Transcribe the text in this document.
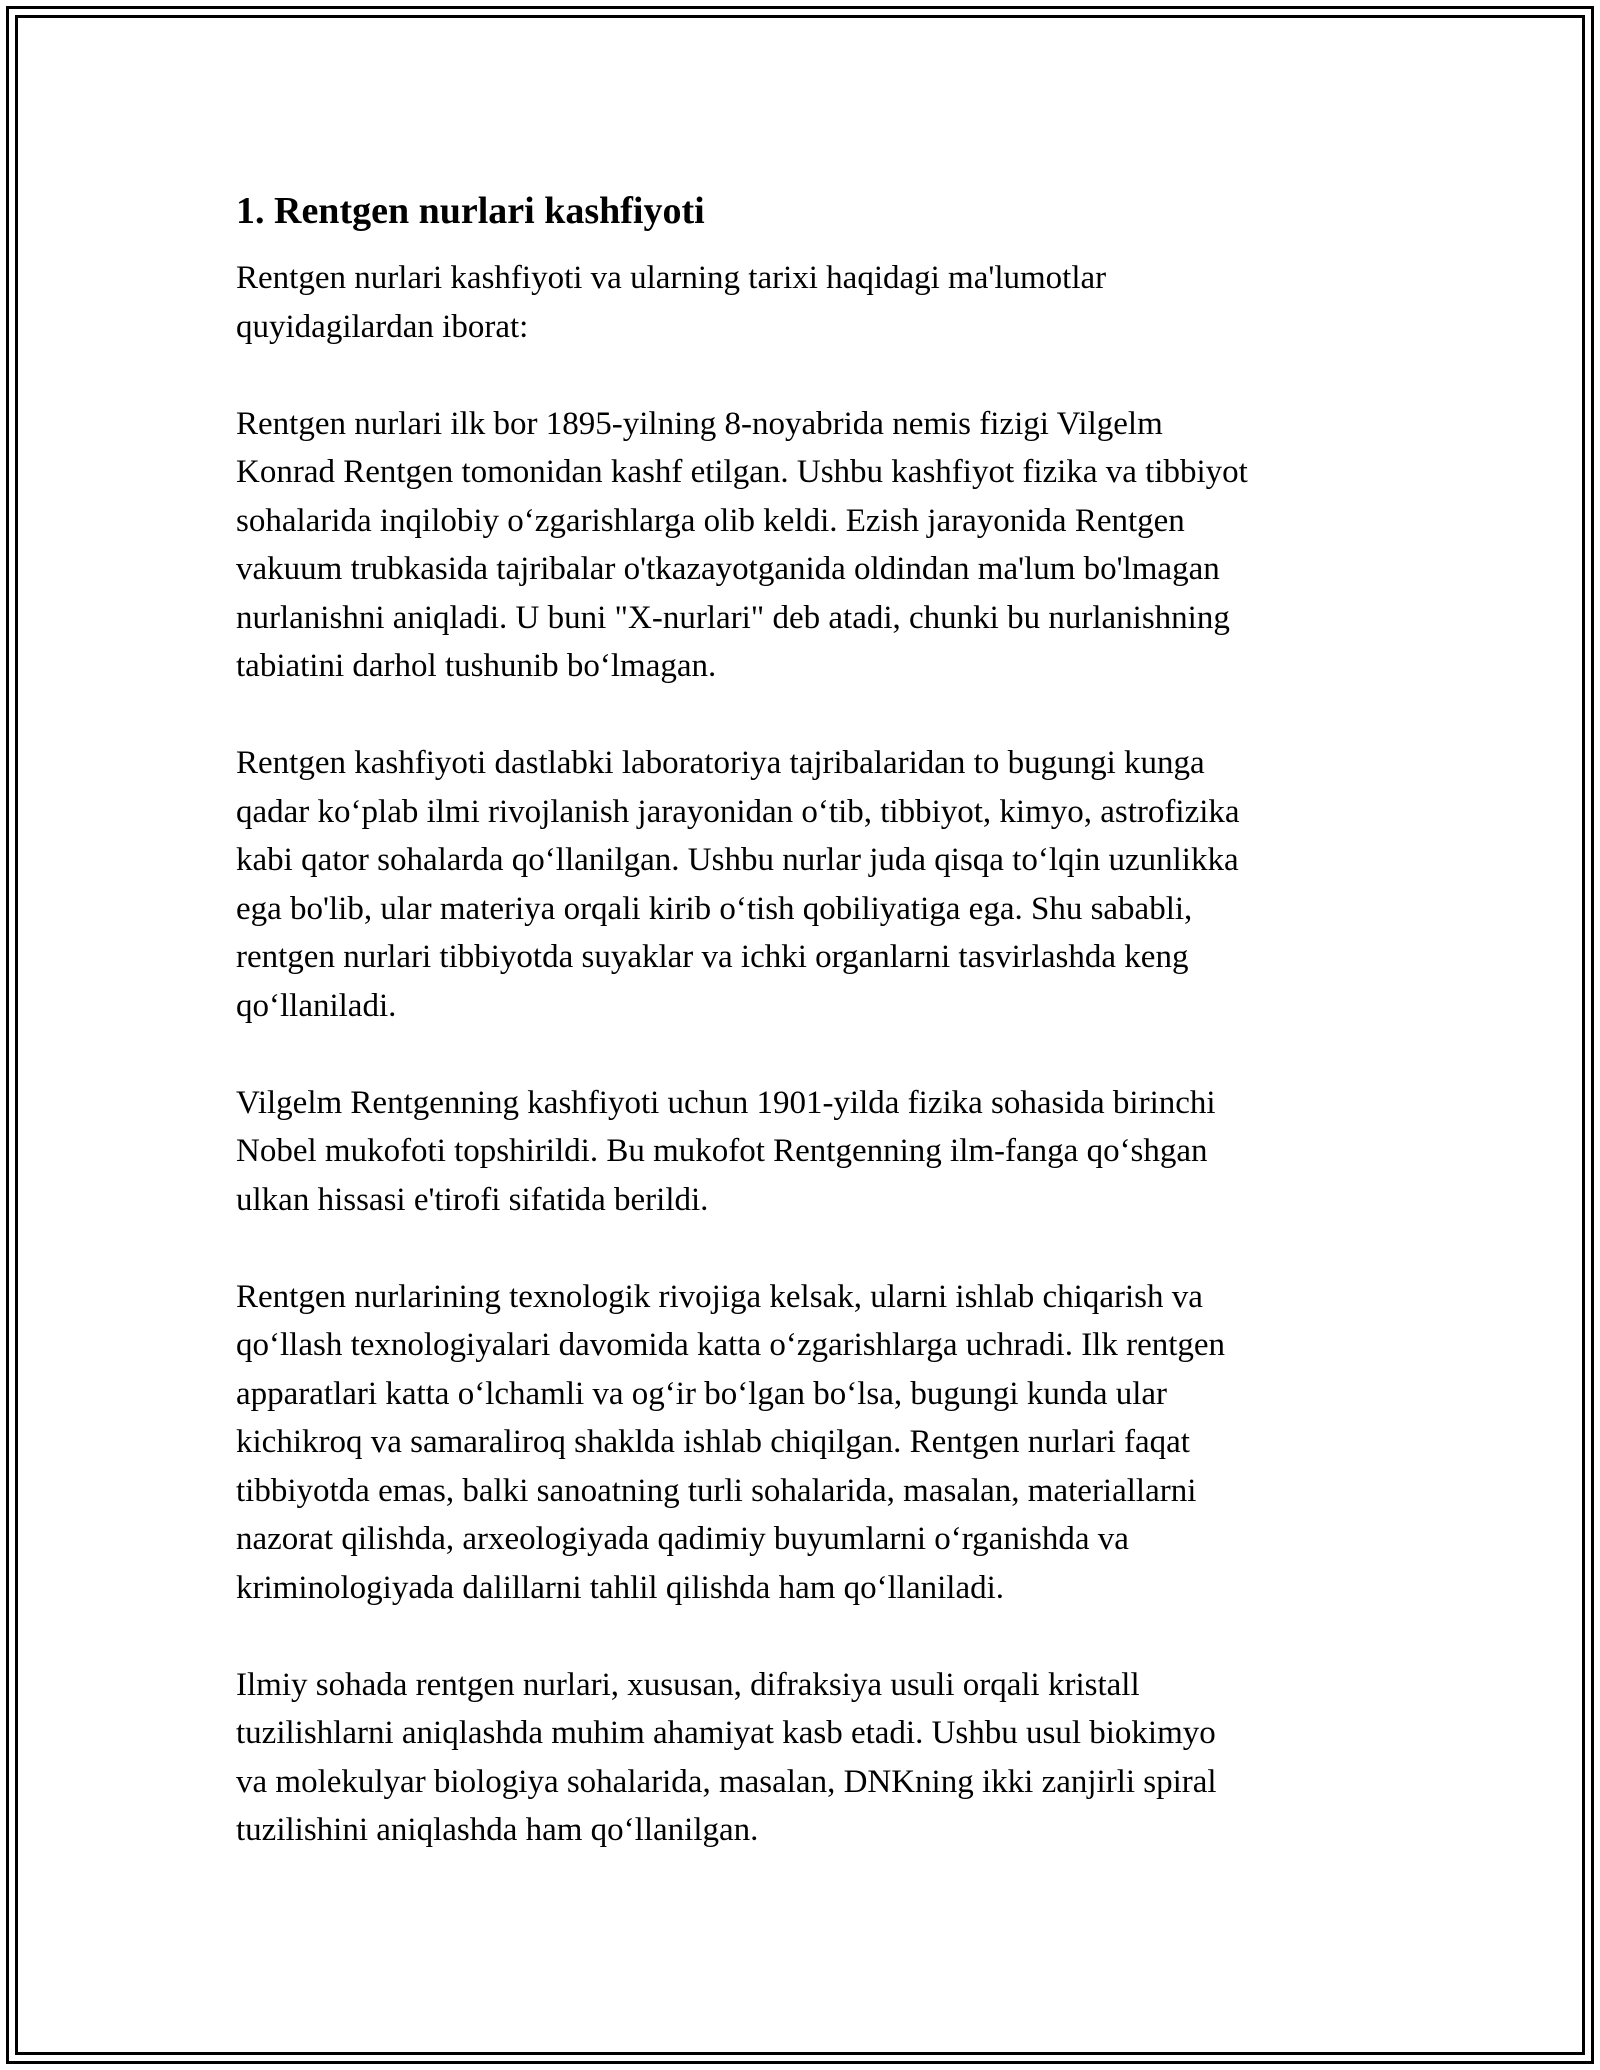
1. Rentgen nurlari kashfiyoti

Rentgen nurlari kashfiyoti va ularning tarixi haqidagi ma'lumotlar
quyidagilardan iborat:

Rentgen nurlari ilk bor 1895-yilning 8-noyabrida nemis fizigi Vilgelm
Konrad Rentgen tomonidan kashf etilgan. Ushbu kashfiyot fizika va tibbiyot
sohalarida inqilobiy o‘zgarishlarga olib keldi. Ezish jarayonida Rentgen
vakuum trubkasida tajribalar o'tkazayotganida oldindan ma'lum bo'lmagan
nurlanishni aniqladi. U buni "X-nurlari" deb atadi, chunki bu nurlanishning
tabiatini darhol tushunib bo‘lmagan.

Rentgen kashfiyoti dastlabki laboratoriya tajribalaridan to bugungi kunga
qadar ko‘plab ilmi rivojlanish jarayonidan o‘tib, tibbiyot, kimyo, astrofizika
kabi qator sohalarda qo‘llanilgan. Ushbu nurlar juda qisqa to‘lqin uzunlikka
ega bo'lib, ular materiya orqali kirib o‘tish qobiliyatiga ega. Shu sababli,
rentgen nurlari tibbiyotda suyaklar va ichki organlarni tasvirlashda keng
qo‘llaniladi.

Vilgelm Rentgenning kashfiyoti uchun 1901-yilda fizika sohasida birinchi
Nobel mukofoti topshirildi. Bu mukofot Rentgenning ilm-fanga qo‘shgan
ulkan hissasi e'tirofi sifatida berildi.

Rentgen nurlarining texnologik rivojiga kelsak, ularni ishlab chiqarish va
qo‘llash texnologiyalari davomida katta o‘zgarishlarga uchradi. Ilk rentgen
apparatlari katta o‘lchamli va og‘ir bo‘lgan bo‘lsa, bugungi kunda ular
kichikroq va samaraliroq shaklda ishlab chiqilgan. Rentgen nurlari faqat
tibbiyotda emas, balki sanoatning turli sohalarida, masalan, materiallarni
nazorat qilishda, arxeologiyada qadimiy buyumlarni o‘rganishda va
kriminologiyada dalillarni tahlil qilishda ham qo‘llaniladi.

Ilmiy sohada rentgen nurlari, xususan, difraksiya usuli orqali kristall
tuzilishlarni aniqlashda muhim ahamiyat kasb etadi. Ushbu usul biokimyo
va molekulyar biologiya sohalarida, masalan, DNKning ikki zanjirli spiral
tuzilishini aniqlashda ham qo‘llanilgan.
